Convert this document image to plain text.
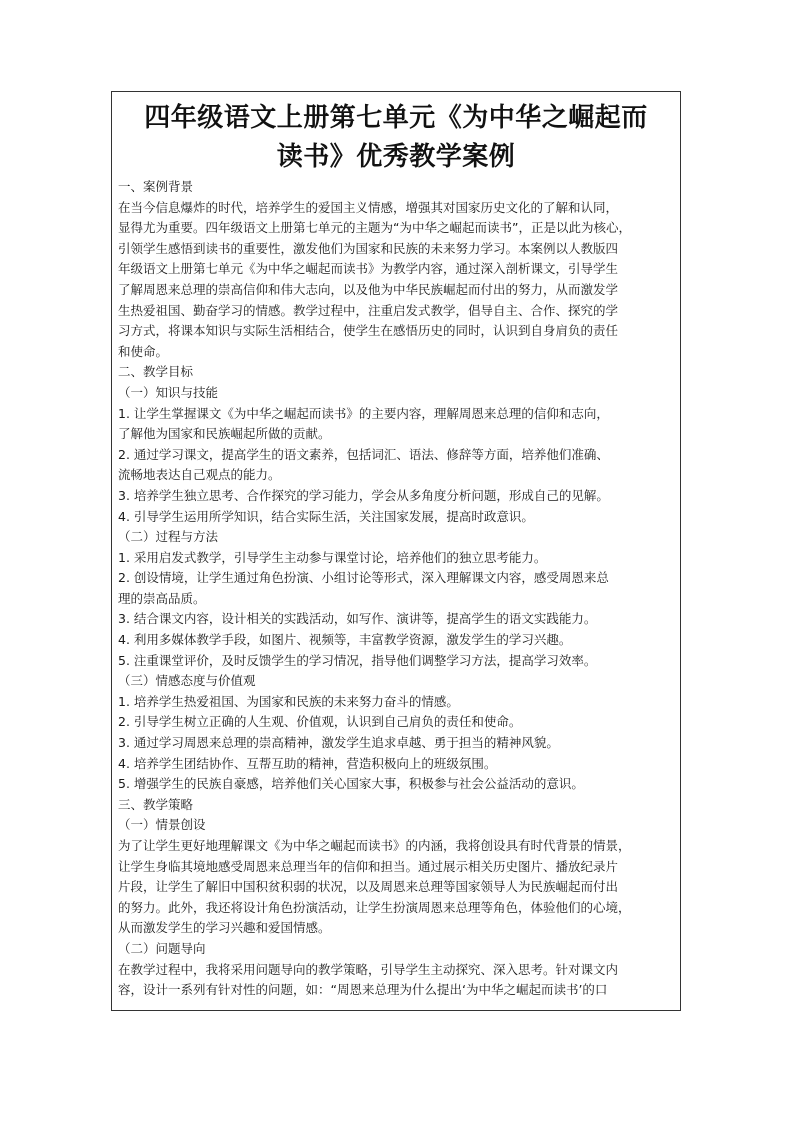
四年级语文上册第七单元《为中华之崛起而
读书》优秀教学案例

一、案例背景

在当今信息爆炸的时代，培养学生的爱国主义情感，增强其对国家历史文化的了解和认同，

显得尤为重要。四年级语文上册第七单元的主题为“为中华之崛起而读书”，正是以此为核心，

引领学生感悟到读书的重要性，激发他们为国家和民族的未来努力学习。本案例以人教版四

年级语文上册第七单元《为中华之崛起而读书》为教学内容，通过深入剖析课文，引导学生

了解周恩来总理的崇高信仰和伟大志向，以及他为中华民族崛起而付出的努力，从而激发学

生热爱祖国、勤奋学习的情感。教学过程中，注重启发式教学，倡导自主、合作、探究的学

习方式，将课本知识与实际生活相结合，使学生在感悟历史的同时，认识到自身肩负的责任

和使命。

二、教学目标

（一）知识与技能

1. 让学生掌握课文《为中华之崛起而读书》的主要内容，理解周恩来总理的信仰和志向，

了解他为国家和民族崛起所做的贡献。

2. 通过学习课文，提高学生的语文素养，包括词汇、语法、修辞等方面，培养他们准确、

流畅地表达自己观点的能力。

3. 培养学生独立思考、合作探究的学习能力，学会从多角度分析问题，形成自己的见解。

4. 引导学生运用所学知识，结合实际生活，关注国家发展，提高时政意识。

（二）过程与方法

1. 采用启发式教学，引导学生主动参与课堂讨论，培养他们的独立思考能力。

2. 创设情境，让学生通过角色扮演、小组讨论等形式，深入理解课文内容，感受周恩来总

理的崇高品质。

3. 结合课文内容，设计相关的实践活动，如写作、演讲等，提高学生的语文实践能力。

4. 利用多媒体教学手段，如图片、视频等，丰富教学资源，激发学生的学习兴趣。

5. 注重课堂评价，及时反馈学生的学习情况，指导他们调整学习方法，提高学习效率。

（三）情感态度与价值观

1. 培养学生热爱祖国、为国家和民族的未来努力奋斗的情感。

2. 引导学生树立正确的人生观、价值观，认识到自己肩负的责任和使命。

3. 通过学习周恩来总理的崇高精神，激发学生追求卓越、勇于担当的精神风貌。

4. 培养学生团结协作、互帮互助的精神，营造积极向上的班级氛围。

5. 增强学生的民族自豪感，培养他们关心国家大事，积极参与社会公益活动的意识。

三、教学策略

（一）情景创设

为了让学生更好地理解课文《为中华之崛起而读书》的内涵，我将创设具有时代背景的情景，

让学生身临其境地感受周恩来总理当年的信仰和担当。通过展示相关历史图片、播放纪录片

片段，让学生了解旧中国积贫积弱的状况，以及周恩来总理等国家领导人为民族崛起而付出

的努力。此外，我还将设计角色扮演活动，让学生扮演周恩来总理等角色，体验他们的心境，

从而激发学生的学习兴趣和爱国情感。

（二）问题导向

在教学过程中，我将采用问题导向的教学策略，引导学生主动探究、深入思考。针对课文内

容，设计一系列有针对性的问题，如：“周恩来总理为什么提出‘为中华之崛起而读书’的口
